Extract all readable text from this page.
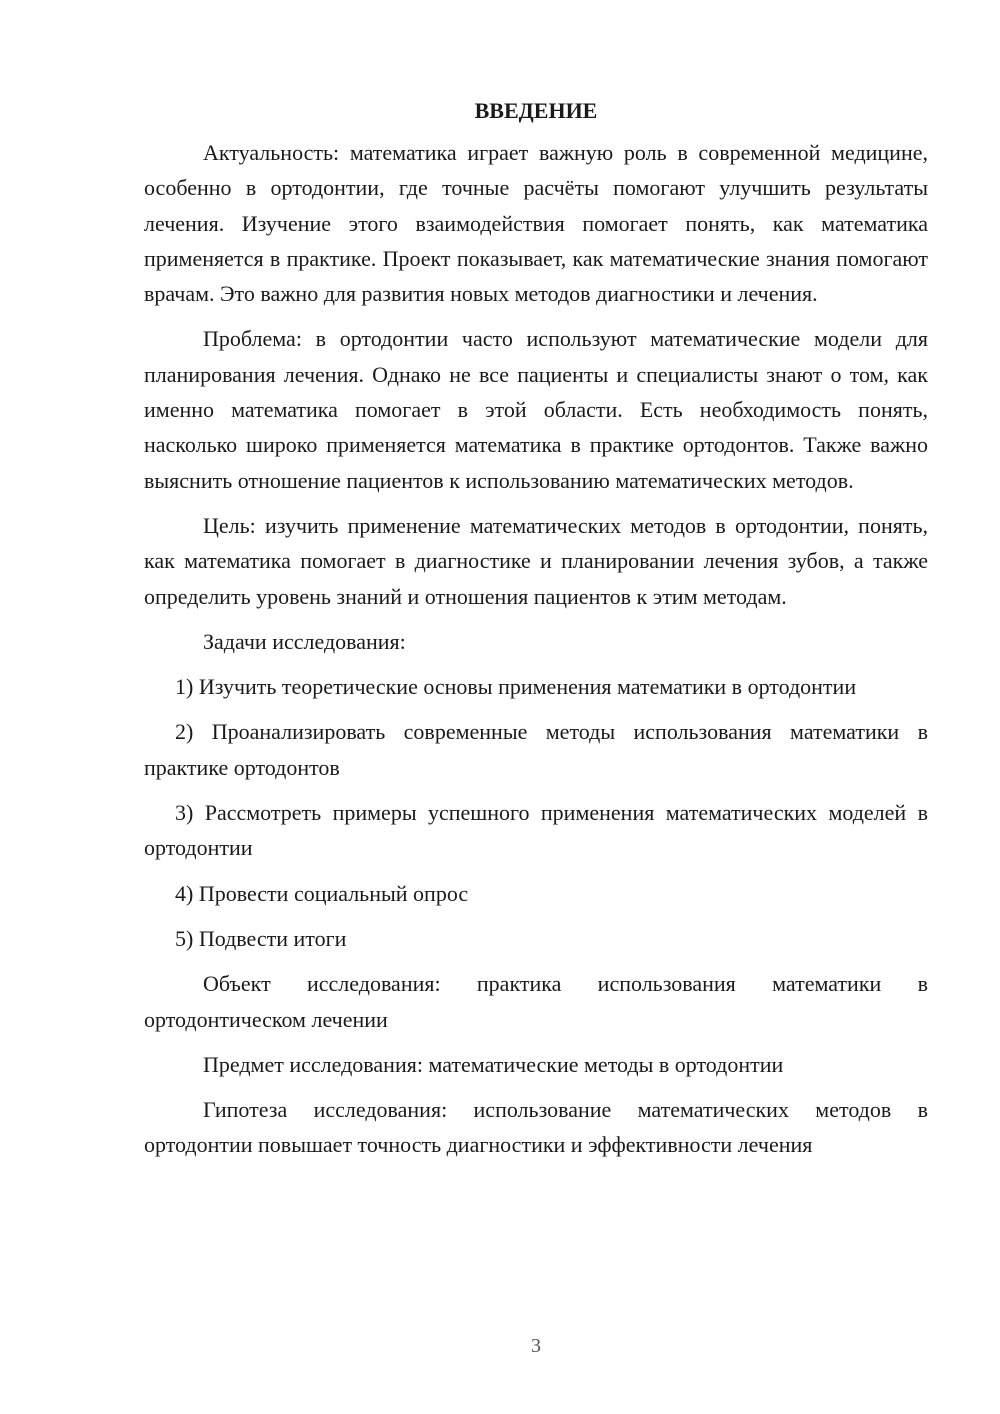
ВВЕДЕНИЕ

Актуальность: математика играет важную роль в современной медицине, особенно в ортодонтии, где точные расчёты помогают улучшить результаты лечения. Изучение этого взаимодействия помогает понять, как математика применяется в практике. Проект показывает, как математические знания помогают врачам. Это важно для развития новых методов диагностики и лечения.

Проблема: в ортодонтии часто используют математические модели для планирования лечения. Однако не все пациенты и специалисты знают о том, как именно математика помогает в этой области. Есть необходимость понять, насколько широко применяется математика в практике ортодонтов. Также важно выяснить отношение пациентов к использованию математических методов.

Цель: изучить применение математических методов в ортодонтии, понять, как математика помогает в диагностике и планировании лечения зубов, а также определить уровень знаний и отношения пациентов к этим методам.

Задачи исследования:

1) Изучить теоретические основы применения математики в ортодонтии

2) Проанализировать современные методы использования математики в практике ортодонтов

3) Рассмотреть примеры успешного применения математических моделей в ортодонтии

4) Провести социальный опрос

5) Подвести итоги

Объект исследования: практика использования математики в ортодонтическом лечении

Предмет исследования: математические методы в ортодонтии

Гипотеза исследования: использование математических методов в ортодонтии повышает точность диагностики и эффективности лечения

3
